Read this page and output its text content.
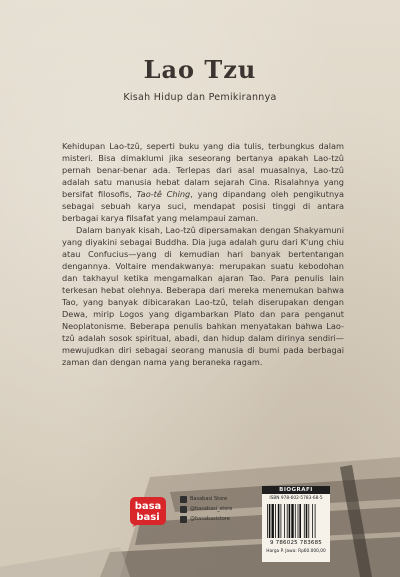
Lao Tzu
Kisah Hidup dan Pemikirannya

Kehidupan Lao-tzû, seperti buku yang dia tulis, terbungkus dalam misteri. Bisa dimaklumi jika seseorang bertanya apakah Lao-tzû pernah benar-benar ada. Terlepas dari asal muasalnya, Lao-tzû adalah satu manusia hebat dalam sejarah Cina. Risalahnya yang bersifat filosofis, Tao-tê Ching, yang dipandang oleh pengikutnya sebagai sebuah karya suci, mendapat posisi tinggi di antara berbagai karya filsafat yang melampaui zaman.

Dalam banyak kisah, Lao-tzû dipersamakan dengan Shakyamuni yang diyakini sebagai Buddha. Dia juga adalah guru dari K'ung chiu atau Confucius—yang di kemudian hari banyak bertentangan dengannya. Voltaire mendakwanya: merupakan suatu kebodohan dan takhayul ketika mengamalkan ajaran Tao. Para penulis lain terkesan hebat olehnya. Beberapa dari mereka menemukan bahwa Tao, yang banyak dibicarakan Lao-tzû, telah diserupakan dengan Dewa, mirip Logos yang digambarkan Plato dan para penganut Neoplatonisme. Beberapa penulis bahkan menyatakan bahwa Lao-tzû adalah sosok spiritual, abadi, dan hidup dalam dirinya sendiri—mewujudkan diri sebagai seorang manusia di bumi pada berbagai zaman dan dengan nama yang beraneka ragam.

basa
basi
Basabasi Store
@basabasi_store
@basabasistore
BIOGRAFI
ISBN 978-602-5783-68-5
9 786025 783685
Harga P. Jawa: Rp60.000,00
